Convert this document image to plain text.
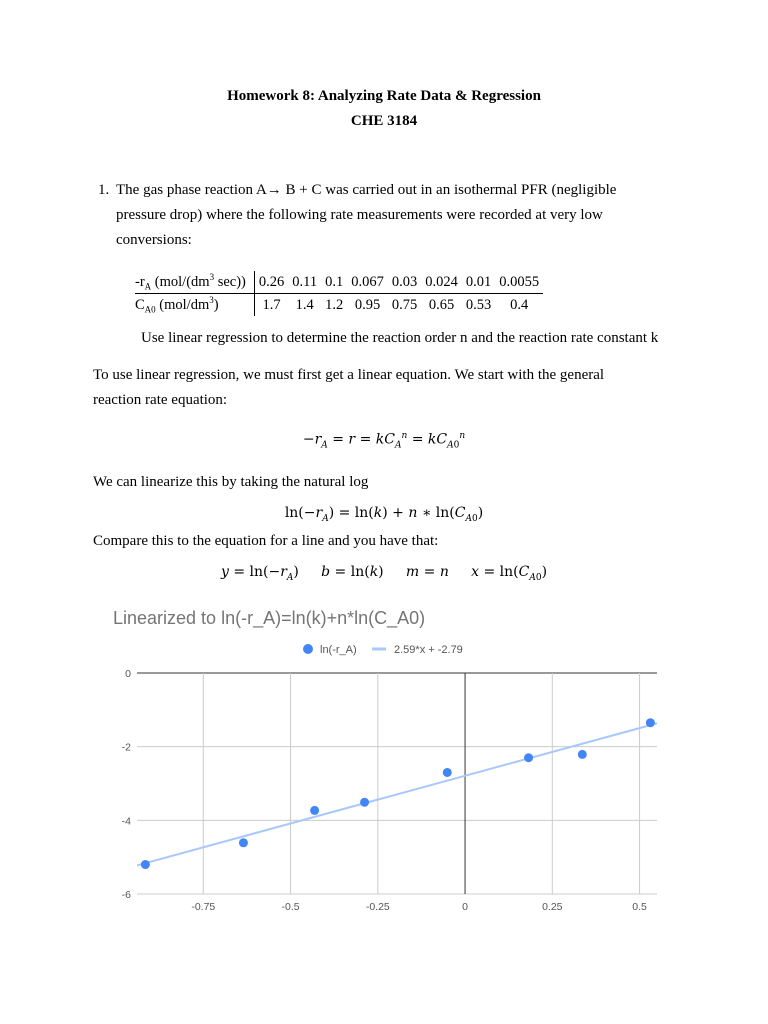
Homework 8: Analyzing Rate Data & Regression
CHE 3184
1. The gas phase reaction A→ B + C was carried out in an isothermal PFR (negligible pressure drop) where the following rate measurements were recorded at very low conversions:
$-r_A$ ($mol/(dm^3$ sec))	0.26	0.11	0.1	0.067	0.03	0.024	0.01	0.0055
$C_{A0}$ $(mol/dm^3)$	1.7	1.4	1.2	0.95	0.75	0.65	0.53	0.4
Use linear regression to determine the reaction order n and the reaction rate constant k
To use linear regression, we must first get a linear equation. We start with the general reaction rate equation:
$-r_A = r = kC_A^n = kC_{A0}^n$
We can linearize this by taking the natural log
$\ln(-r_A) = \ln(k) + n$ ∗ $\ln(C_{A0})$
Compare this to the equation for a line and you have that:
$y = \ln(-r_A)$     b = ln(k)     m = n $x = \ln(C_{A0})$
Linearized to ln(-r_A)=ln(k)+n*ln(C_A0)
0
-2
-4
-6
-0.75	-0.5	-0.25	0	0.25	0.5
ln(-r_A)	2.59*x + -2.79
